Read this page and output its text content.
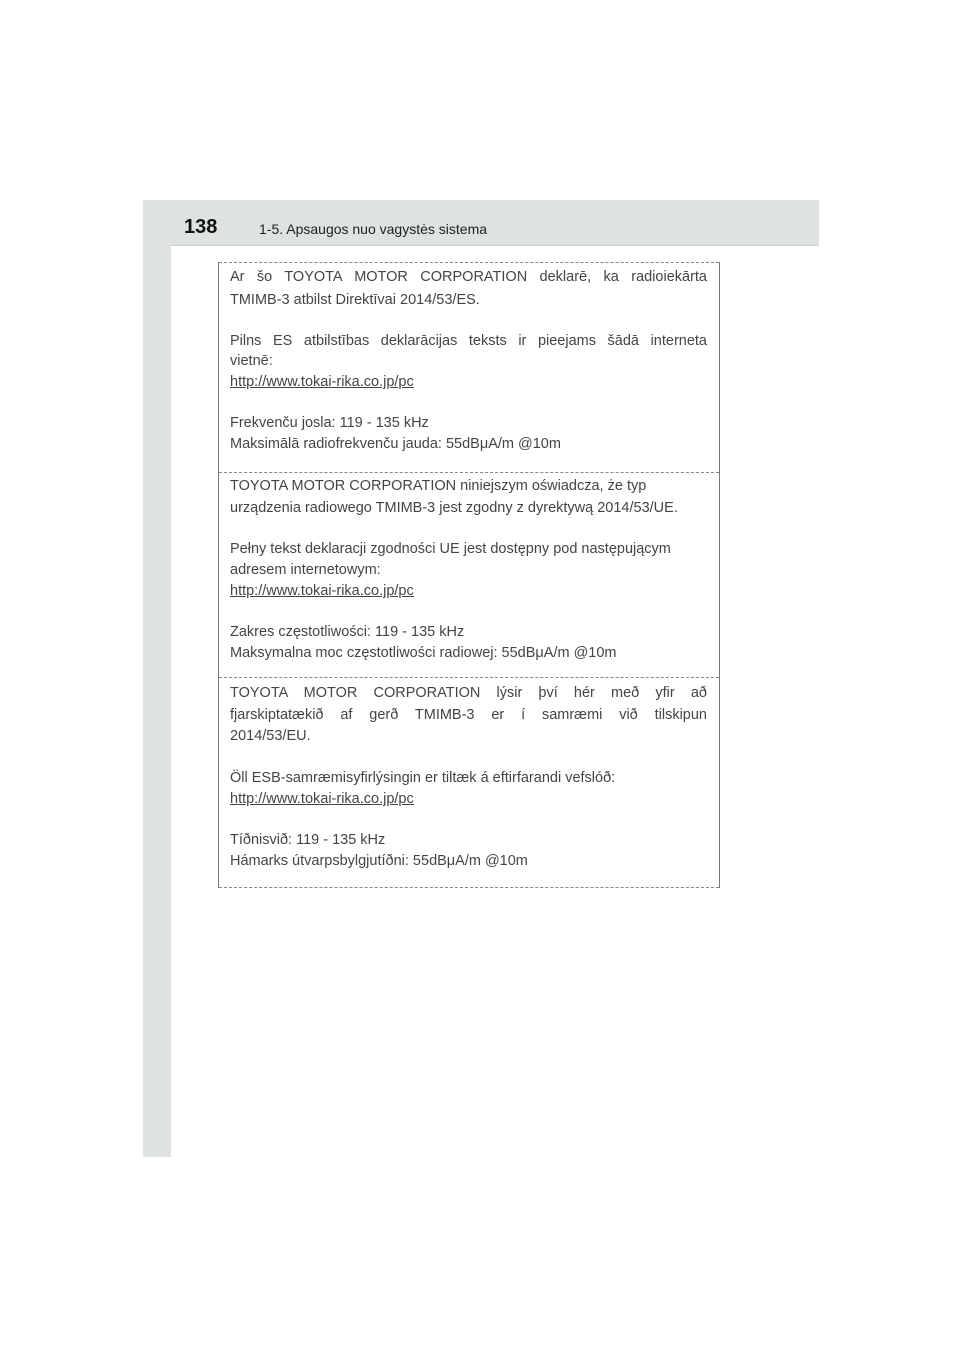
138	1-5. Apsaugos nuo vagystės sistema

Ar šo TOYOTA MOTOR CORPORATION deklarē, ka radioiekārta

TMIMB-3 atbilst Direktīvai 2014/53/ES.

Pilns ES atbilstības deklarācijas teksts ir pieejams šādā interneta

vietnē:

http://www.tokai-rika.co.jp/pc

Frekvenču josla: 119 - 135 kHz

Maksimālā radiofrekvenču jauda: 55dBμA/m @10m

TOYOTA MOTOR CORPORATION niniejszym oświadcza, że typ

urządzenia radiowego TMIMB-3 jest zgodny z dyrektywą 2014/53/UE.

Pełny tekst deklaracji zgodności UE jest dostępny pod następującym

adresem internetowym:

http://www.tokai-rika.co.jp/pc

Zakres częstotliwości: 119 - 135 kHz

Maksymalna moc częstotliwości radiowej: 55dBμA/m @10m

TOYOTA MOTOR CORPORATION lýsir því hér með yfir að

fjarskiptatækið af gerð TMIMB-3 er í samræmi við tilskipun

2014/53/EU.

Öll ESB-samræmisyfirlýsingin er tiltæk á eftirfarandi vefslóð:

http://www.tokai-rika.co.jp/pc

Tíðnisvið: 119 - 135 kHz

Hámarks útvarpsbylgjutíðni: 55dBμA/m @10m
